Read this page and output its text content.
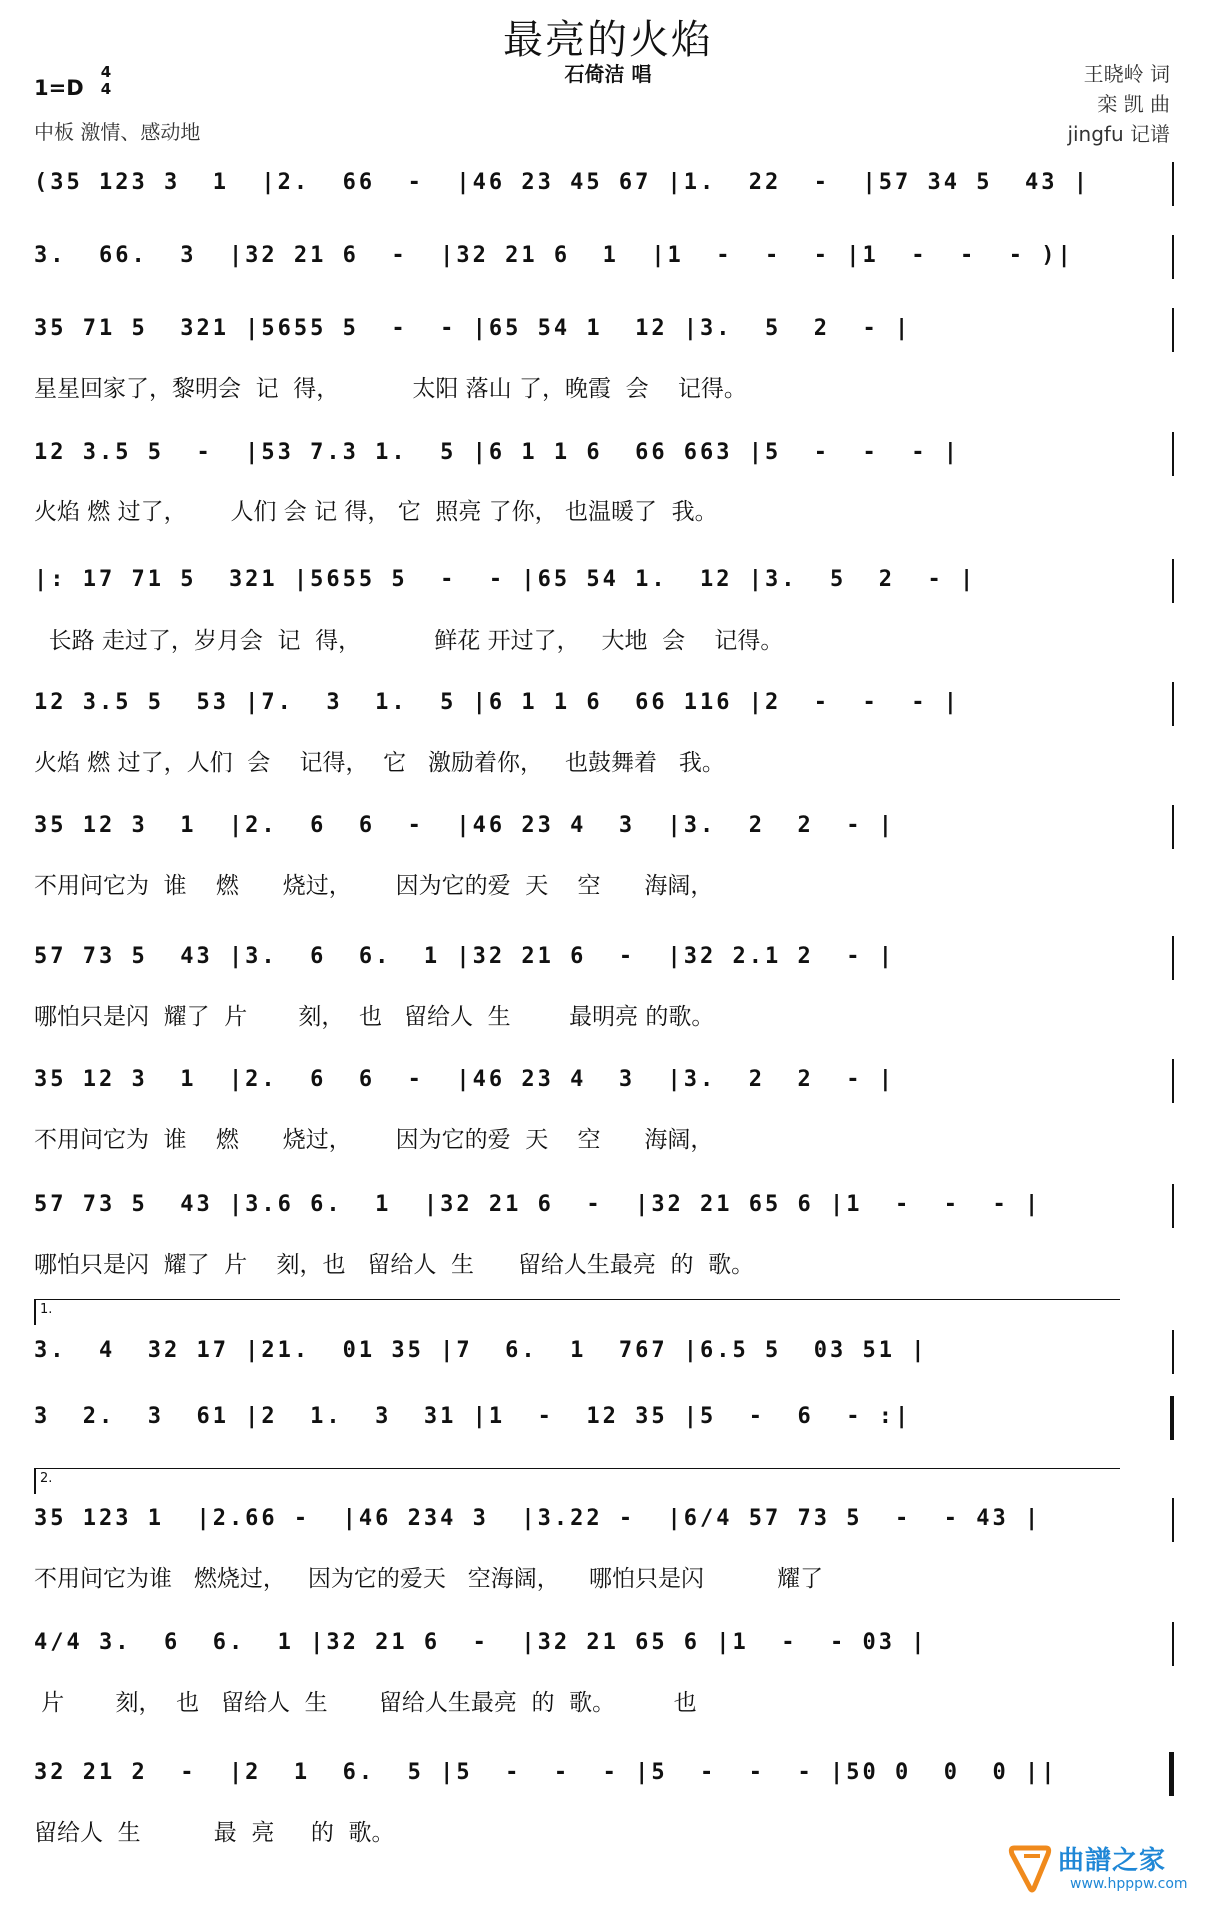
最亮的火焰
石倚洁 唱
1=D
4
4
中板 激情、感动地
王晓岭 词
栾 凯 曲
jingfu 记谱
(35 123 3  1  |2.  66  -  |46 23 45 67 |1.  22  -  |57 34 5  43 |
3.  66.  3  |32 21 6  -  |32 21 6  1  |1  -  -  - |1  -  -  - )|
35 71 5  321 |5655 5  -  - |65 54 1  12 |3.  5  2  - |
星星回家了，黎明会  记  得，          太阳 落山 了，晚霞  会    记得。
12 3.5 5  -  |53 7.3 1.  5 |6 1 1 6  66 663 |5  -  -  - |
火焰 燃 过了，      人们 会 记 得， 它  照亮 了你， 也温暖了  我。
|: 17 71 5  321 |5655 5  -  - |65 54 1.  12 |3.  5  2  - |
长路 走过了，岁月会  记  得，          鲜花 开过了，   大地  会    记得。
12 3.5 5  53 |7.  3  1.  5 |6 1 1 6  66 116 |2  -  -  - |
火焰 燃 过了，人们  会    记得，  它   激励着你，   也鼓舞着   我。
35 12 3  1  |2.  6  6  -  |46 23 4  3  |3.  2  2  - |
不用问它为  谁    燃      烧过，      因为它的爱  天    空      海阔，
57 73 5  43 |3.  6  6.  1 |32 21 6  -  |32 2.1 2  - |
哪怕只是闪  耀了  片       刻，  也   留给人  生        最明亮 的歌。
35 12 3  1  |2.  6  6  -  |46 23 4  3  |3.  2  2  - |
不用问它为  谁    燃      烧过，      因为它的爱  天    空      海阔，
57 73 5  43 |3.6 6.  1  |32 21 6  -  |32 21 65 6 |1  -  -  - |
哪怕只是闪  耀了  片    刻，也   留给人  生      留给人生最亮  的  歌。
1.
3.  4  32 17 |21.  01 35 |7  6.  1  767 |6.5 5  03 51 |
3  2.  3  61 |2  1.  3  31 |1  -  12 35 |5  -  6  - :|
2.
35 123 1  |2.66 -  |46 234 3  |3.22 -  |6/4 57 73 5  -  - 43 |
不用问它为谁   燃烧过，   因为它的爱天   空海阔，    哪怕只是闪          耀了
4/4 3.  6  6.  1 |32 21 6  -  |32 21 65 6 |1  -  - 03 |
片       刻，  也   留给人  生       留给人生最亮  的  歌。        也
32 21 2  -  |2  1  6.  5 |5  -  -  - |5  -  -  - |50 0  0  0 ||
留给人  生          最  亮     的  歌。
曲譜之家
www.hpppw.com
